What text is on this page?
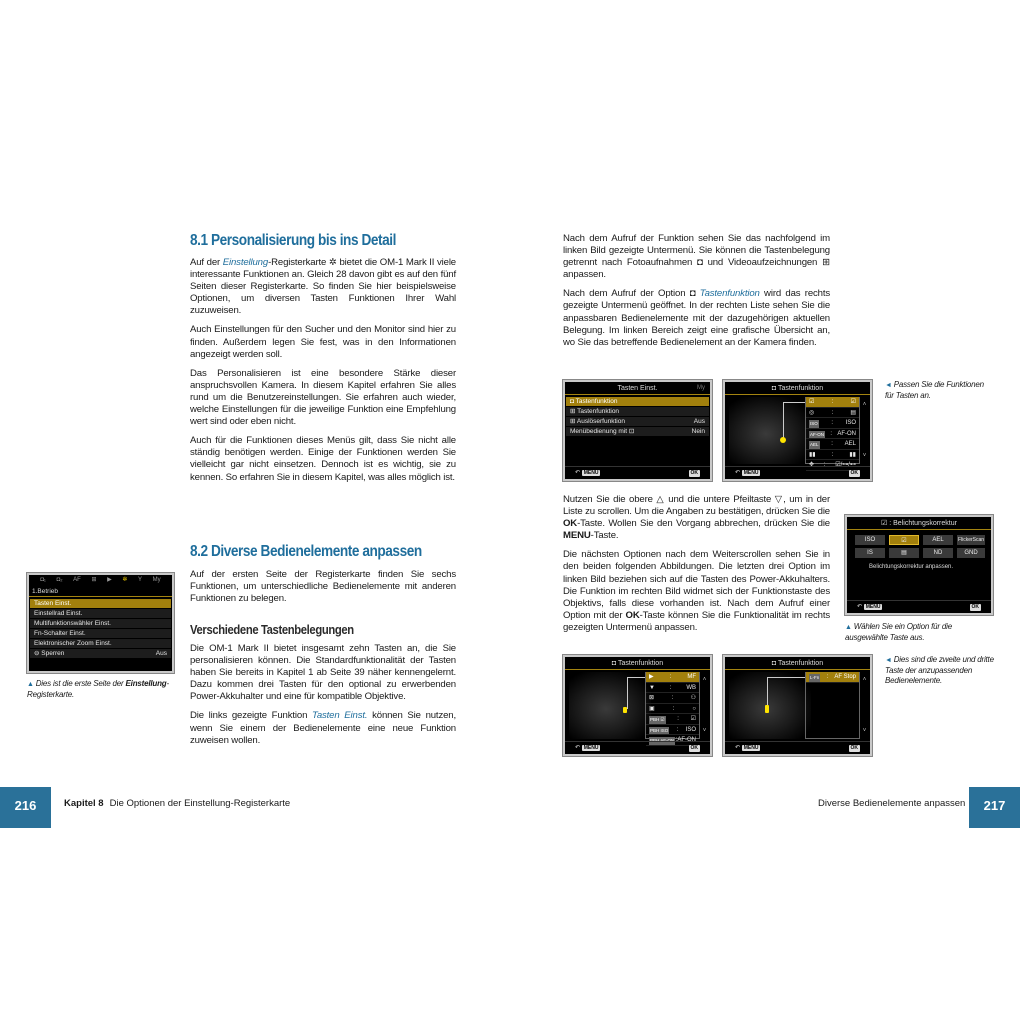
8.1 Personalisierung bis ins Detail

Auf der Einstellung-Registerkarte ✲ bietet die OM-1 Mark II viele interessante Funktionen an. Gleich 28 davon gibt es auf den fünf Seiten dieser Registerkarte. So finden Sie hier beispielsweise Optionen, um diversen Tasten Funktionen Ihrer Wahl zuzuweisen.

Auch Einstellungen für den Sucher und den Monitor sind hier zu finden. Außerdem legen Sie fest, was in den Informationen angezeigt werden soll.

Das Personalisieren ist eine besondere Stärke dieser anspruchsvollen Kamera. In diesem Kapitel erfahren Sie alles rund um die Benutzereinstellungen. Sie erfahren auch wieder, welche Einstellungen für die jeweilige Funktion eine Empfehlung wert sind oder eben nicht.

Auch für die Funktionen dieses Menüs gilt, dass Sie nicht alle ständig benötigen werden. Einige der Funktionen werden Sie vielleicht gar nicht einsetzen. Dennoch ist es wichtig, sie zu kennen. So erfahren Sie in diesem Kapitel, was alles möglich ist.

8.2 Diverse Bedienelemente anpassen

Auf der ersten Seite der Registerkarte finden Sie sechs Funktionen, um unterschiedliche Bedienelemente mit anderen Funktionen zu belegen.

Verschiedene Tastenbelegungen

Die OM-1 Mark II bietet insgesamt zehn Tasten an, die Sie personalisieren können. Die Standardfunktionalität der Tasten haben Sie bereits in Kapitel 1 ab Seite 39 näher kennengelernt. Dazu kommen drei Tasten für den optional zu erwerbenden Power-Akkuhalter und eine für kompatible Objektive.

Die links gezeigte Funktion Tasten Einst. können Sie nutzen, wenn Sie einem der Bedienelemente eine neue Funktion zuweisen wollen.

◘₁ ◘₂ AF ⊞ ▶ ✲ Y My
1.Betrieb
Tasten Einst.
Einstellrad Einst.
Multifunktionswähler Einst.
Fn-Schalter Einst.
Elektronischer Zoom Einst.
⊖ Sperren	Aus
▲ Dies ist die erste Seite der Einstellung-Registerkarte.
216	Kapitel 8 Die Optionen der Einstellung-Registerkarte

Nach dem Aufruf der Funktion sehen Sie das nachfolgend im linken Bild gezeigte Untermenü. Sie können die Tastenbelegung getrennt nach Fotoaufnahmen ◘ und Videoaufzeichnungen ⊞ anpassen.

Nach dem Aufruf der Option ◘ Tastenfunktion wird das rechts gezeigte Untermenü geöffnet. In der rechten Liste sehen Sie die anpassbaren Bedienelemente mit der dazugehörigen aktuellen Belegung. Im linken Bereich zeigt eine grafische Übersicht an, wo Sie das betreffende Bedienelement an der Kamera finden.

Tasten Einst.	My
◘ Tastenfunktion
⊞ Tastenfunktion
⊞ Auslöserfunktion	Aus
Menübedienung mit ⊡	Nein
↶ MENU	OK
◘ Tastenfunktion
☑	:	☑
◎	:	▤
ISO : ISO
AF-ON : AF-ON
AEL : AEL
▮▮	:	▮▮
✥ : ☑/⊶/⊷
˄
˅
↶ MENU	OK
◄ Passen Sie die Funktionen für Tasten an.

Nutzen Sie die obere △ und die untere Pfeiltaste ▽, um in der Liste zu scrollen. Um die Angaben zu bestätigen, drücken Sie die OK-Taste. Wollen Sie den Vorgang abbrechen, drücken Sie die MENU-Taste.

Die nächsten Optionen nach dem Weiterscrollen sehen Sie in den beiden folgenden Abbildungen. Die letzten drei Option im linken Bild beziehen sich auf die Tasten des Power-Akkuhalters. Die Funktion im rechten Bild widmet sich der Funktionstaste des Objektivs, falls diese vorhanden ist. Nach dem Aufruf einer Option mit der OK-Taste können Sie die Funktionalität im rechts gezeigten Untermenü anpassen.

☑ : Belichtungskorrektur
ISO	☑	AEL	FlickerScan
IS	▤	ND	GND
Belichtungskorrektur anpassen.
↶ MENU	OK
▲ Wählen Sie ein Option für die ausgewählte Taste aus.
◘ Tastenfunktion
▶	:	MF
▼ : WB
⊠	:	⚇
▣	:	○
PBH ☑ : ☑
PBH ISO : ISO
PBH AF-ON : AF-ON
˄
˅
↶ MENU	OK
◘ Tastenfunktion
L-Fn : AF Stop ˄
˅
↶ MENU	OK
◄ Dies sind die zweite und dritte Taste der anzupassenden Bedienelemente.
Diverse Bedienelemente anpassen	217
